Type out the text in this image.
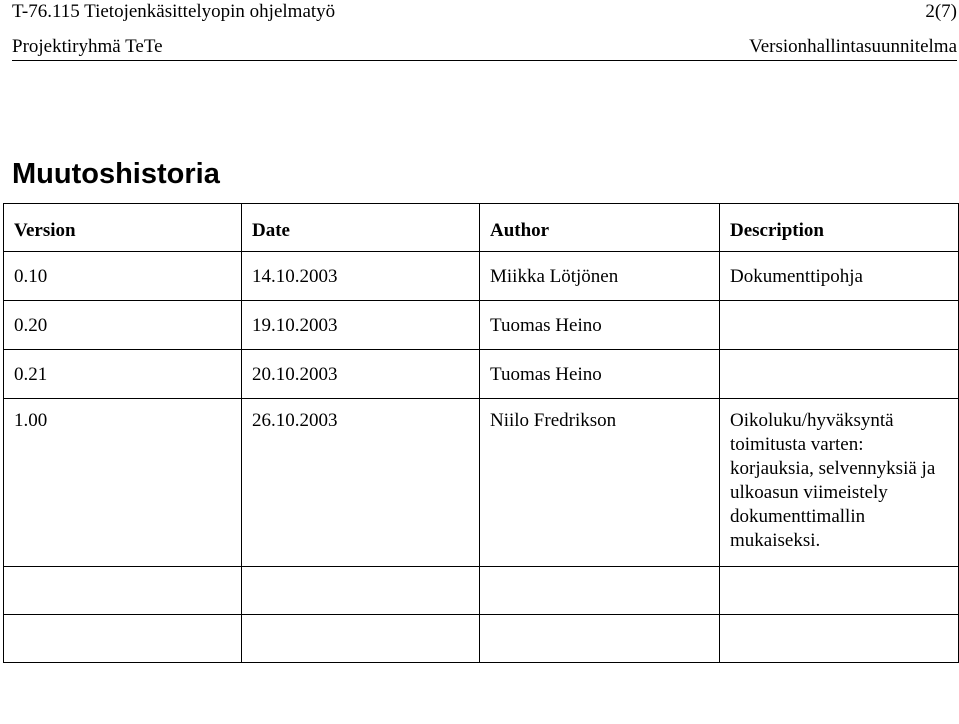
T-76.115 Tietojenkäsittelyopin ohjelmatyö	2(7)
Projektiryhmä TeTe	Versionhallintasuunnitelma
Muutoshistoria
Version	Date	Author	Description
0.10	14.10.2003	Miikka Lötjönen	Dokumenttipohja
0.20	19.10.2003	Tuomas Heino	
0.21	20.10.2003	Tuomas Heino	
1.00	26.10.2003	Niilo Fredrikson	Oikoluku/hyväksyntä toimitusta varten: korjauksia, selvennyksiä ja ulkoasun viimeistely dokumenttimallin mukaiseksi.
